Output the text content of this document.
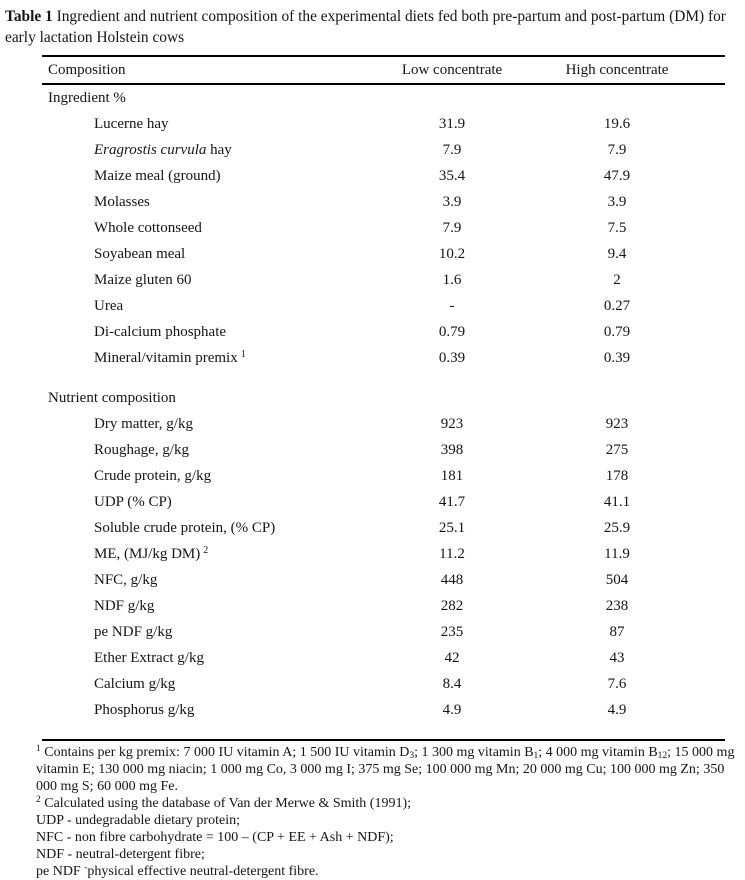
Table 1 Ingredient and nutrient composition of the experimental diets fed both pre-partum and post-partum (DM) for early lactation Holstein cows

Composition	Low concentrate	High concentrate
Ingredient %
Lucerne hay	31.9	19.6
Eragrostis curvula hay	7.9	7.9
Maize meal (ground)	35.4	47.9
Molasses	3.9	3.9
Whole cottonseed	7.9	7.5
Soyabean meal	10.2	9.4
Maize gluten 60	1.6	2
Urea	-	0.27
Di-calcium phosphate	0.79	0.79
Mineral/vitamin premix $^1$	0.39	0.39
Nutrient composition
Dry matter, g/kg	923	923
Roughage, g/kg	398	275
Crude protein, g/kg	181	178
UDP (% CP)	41.7	41.1
Soluble crude protein, (% CP)	25.1	25.9
ME, (MJ/kg DM) $^2$	11.2	11.9
NFC, g/kg	448	504
NDF g/kg	282	238
pe NDF g/kg	235	87
Ether Extract g/kg	42	43
Calcium g/kg	8.4	7.6
Phosphorus g/kg	4.9	4.9

$^1$ Contains per kg premix: 7 000 IU vitamin A; 1 500 IU vitamin $D_3$; 1 300 mg vitamin $B_1$; 4 000 mg vitamin $B_{12}$; 15 000 mg vitamin E; 130 000 mg niacin; 1 000 mg Co, 3 000 mg I; 375 mg Se; 100 000 mg Mn; 20 000 mg Cu; 100 000 mg Zn; 350 000 mg S; 60 000 mg Fe.

$^2$ Calculated using the database of Van der Merwe & Smith (1991);

UDP - undegradable dietary protein;

NFC - non fibre carbohydrate = 100 – (CP + EE + Ash + NDF);

NDF - neutral-detergent fibre;

pe NDF -physical effective neutral-detergent fibre.
